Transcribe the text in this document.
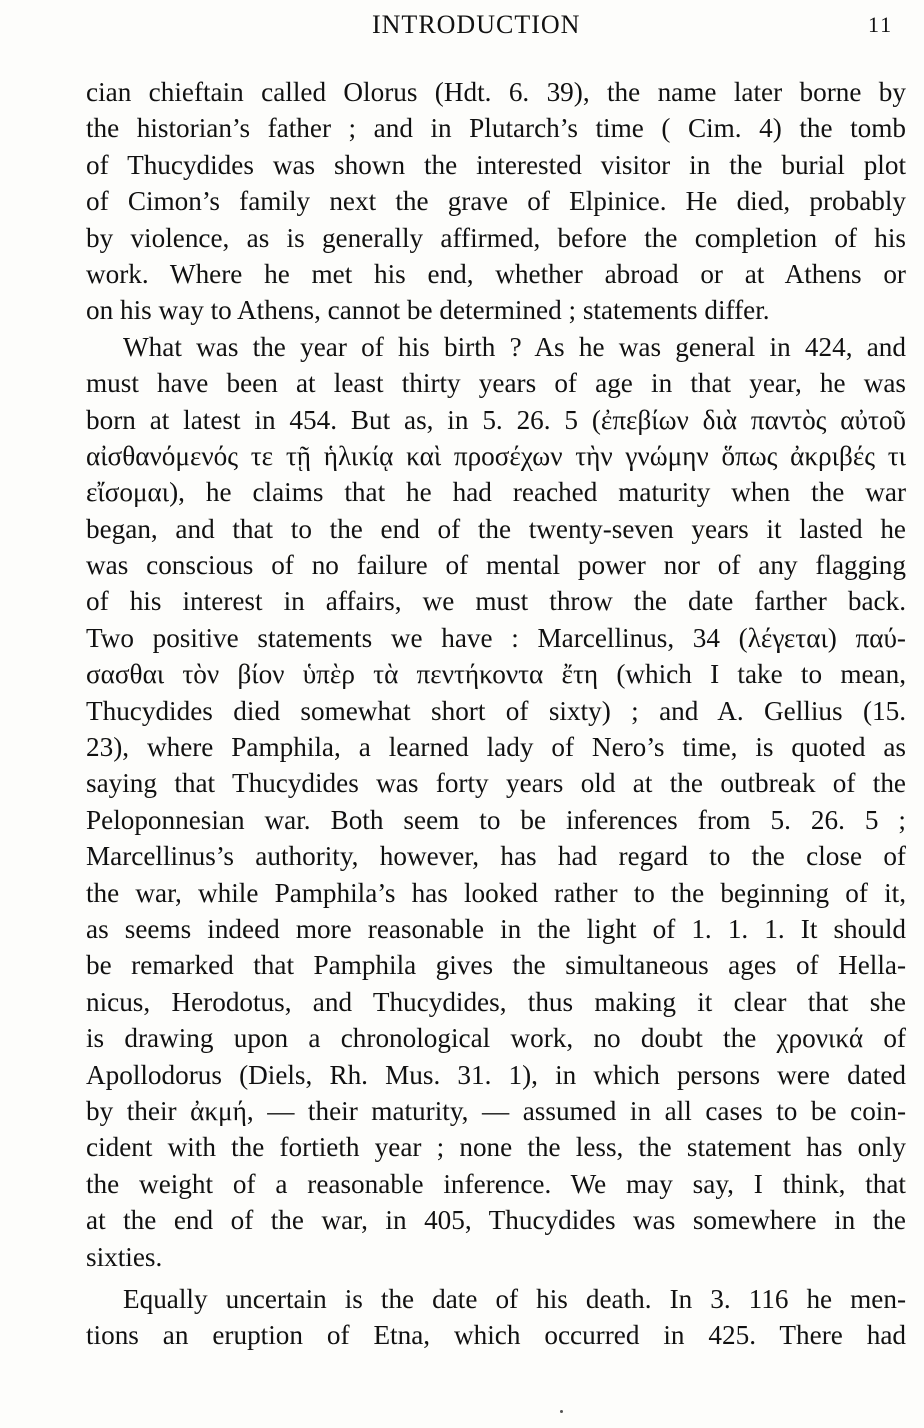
INTRODUCTION	11
cian chieftain called Olorus (Hdt. 6. 39), the name later borne by
the historian’s father ; and in Plutarch’s time ( Cim. 4) the tomb
of Thucydides was shown the interested visitor in the burial plot
of Cimon’s family next the grave of Elpinice. He died, probably
by violence, as is generally affirmed, before the completion of his
work. Where he met his end, whether abroad or at Athens or
on his way to Athens, cannot be determined ; statements differ.
What was the year of his birth ? As he was general in 424, and
must have been at least thirty years of age in that year, he was
born at latest in 454. But as, in 5. 26. 5 (ἐπεβίων διὰ παντὸς αὐτοῦ
αἰσθανόμενός τε τῇ ἡλικίᾳ καὶ προσέχων τὴν γνώμην ὅπως ἀκριβές τι
εἴσομαι), he claims that he had reached maturity when the war
began, and that to the end of the twenty-seven years it lasted he
was conscious of no failure of mental power nor of any flagging
of his interest in affairs, we must throw the date farther back.
Two positive statements we have : Marcellinus, 34 (λέγεται) παύ-
σασθαι τὸν βίον ὑπὲρ τὰ πεντήκοντα ἔτη (which I take to mean,
Thucydides died somewhat short of sixty) ; and A. Gellius (15.
23), where Pamphila, a learned lady of Nero’s time, is quoted as
saying that Thucydides was forty years old at the outbreak of the
Peloponnesian war. Both seem to be inferences from 5. 26. 5 ;
Marcellinus’s authority, however, has had regard to the close of
the war, while Pamphila’s has looked rather to the beginning of it,
as seems indeed more reasonable in the light of 1. 1. 1. It should
be remarked that Pamphila gives the simultaneous ages of Hella-
nicus, Herodotus, and Thucydides, thus making it clear that she
is drawing upon a chronological work, no doubt the χρονικά of
Apollodorus (Diels, Rh. Mus. 31. 1), in which persons were dated
by their ἀκμή, — their maturity, — assumed in all cases to be coin-
cident with the fortieth year ; none the less, the statement has only
the weight of a reasonable inference. We may say, I think, that
at the end of the war, in 405, Thucydides was somewhere in the
sixties.
Equally uncertain is the date of his death. In 3. 116 he men-
tions an eruption of Etna, which occurred in 425. There had
